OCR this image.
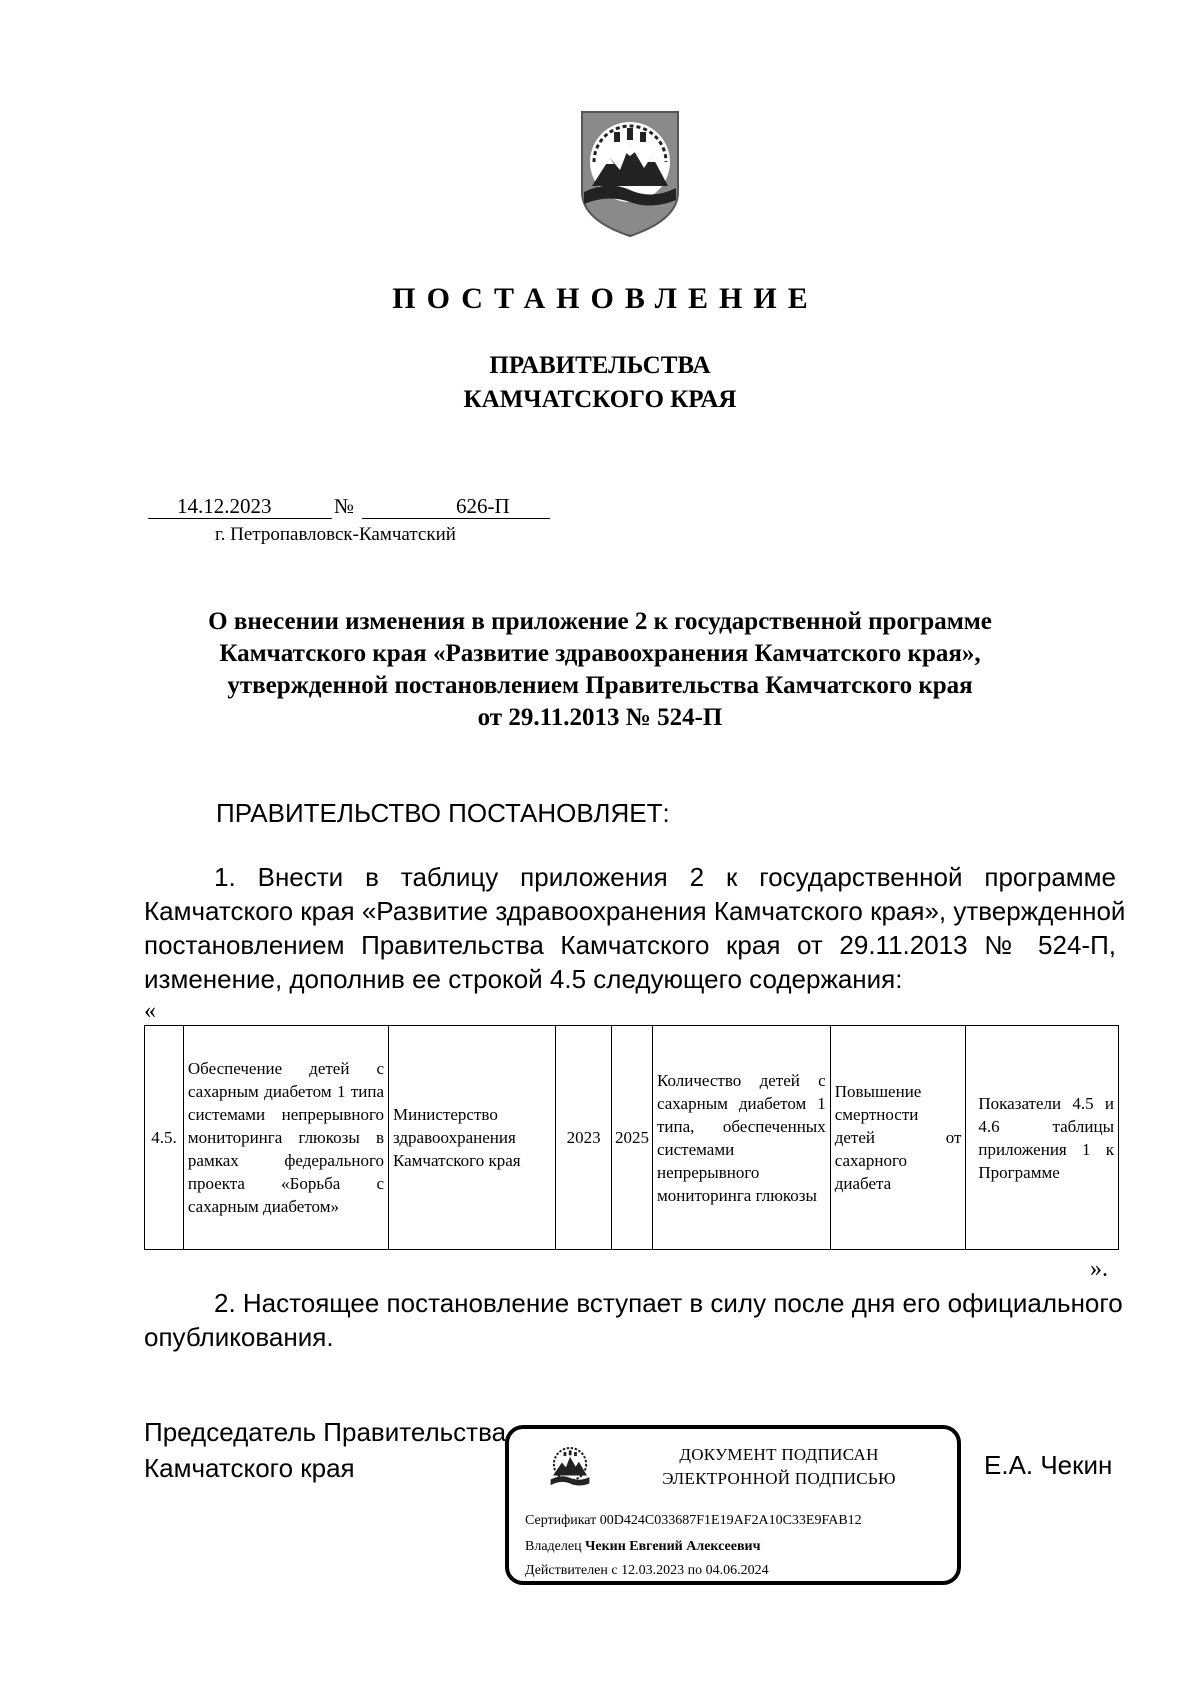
ПОСТАНОВЛЕНИЕ
ПРАВИТЕЛЬСТВА
КАМЧАТСКОГО КРАЯ
14.12.2023	№	626-П
г. Петропавловск-Камчатский
О внесении изменения в приложение 2 к государственной программе
Камчатского края «Развитие здравоохранения Камчатского края»,
утвержденной постановлением Правительства Камчатского края
от 29.11.2013 № 524-П
ПРАВИТЕЛЬСТВО ПОСТАНОВЛЯЕТ:
1. Внести в таблицу приложения 2 к государственной программе
Камчатского края «Развитие здравоохранения Камчатского края», утвержденной
постановлением Правительства Камчатского края от 29.11.2013 № 524-П,
изменение, дополнив ее строкой 4.5 следующего содержания:
«
4.5.	Обеспечение детей с сахарным диабетом 1 типа системами непрерывного мониторинга глюкозы в рамках федерального проекта «Борьба с сахарным диабетом»	Министерство здравоохранения Камчатского края	2023	2025	Количество детей с сахарным диабетом 1 типа, обеспеченных системами непрерывного мониторинга глюкозы	Повышение смертности детей от сахарного диабета	Показатели 4.5 и 4.6 таблицы приложения 1 к Программе
».
2. Настоящее постановление вступает в силу после дня его официального
опубликования.
Председатель Правительства
Камчатского края	Е.А. Чекин
ДОКУМЕНТ ПОДПИСАН
ЭЛЕКТРОННОЙ ПОДПИСЬЮ
Сертификат 00D424C033687F1E19AF2A10C33E9FAB12
Владелец Чекин Евгений Алексеевич
Действителен с 12.03.2023 по 04.06.2024
